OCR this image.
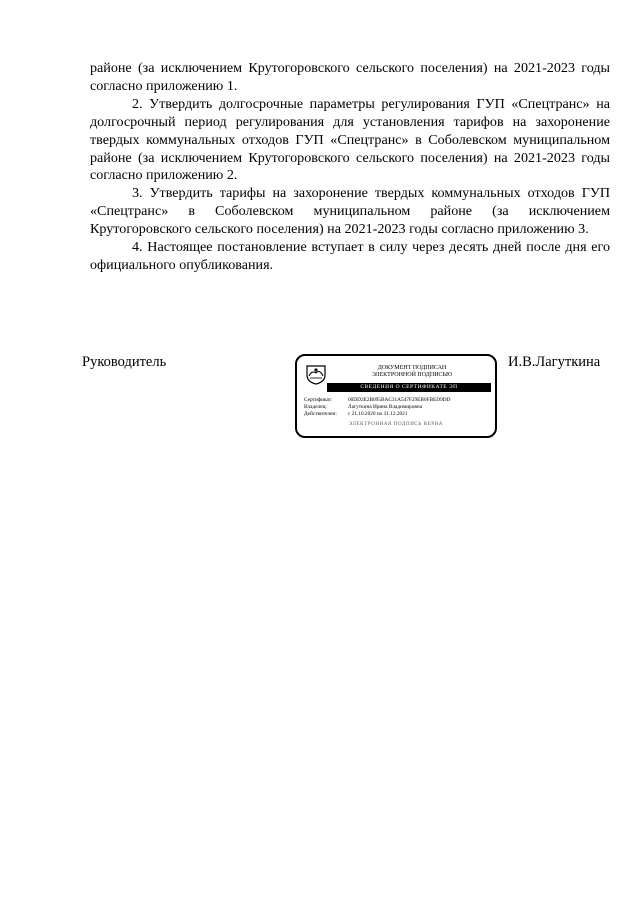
районе (за исключением Крутогоровского сельского поселения) на 2021-2023 годы согласно приложению 1.

2. Утвердить долгосрочные параметры регулирования ГУП «Спецтранс» на долгосрочный период регулирования для установления тарифов на захоронение твердых коммунальных отходов ГУП «Спецтранс» в Соболевском муниципальном районе (за исключением Крутогоровского сельского поселения) на 2021-2023 годы согласно приложению 2.

3. Утвердить тарифы на захоронение твердых коммунальных отходов ГУП «Спецтранс» в Соболевском муниципальном районе (за исключением Крутогоровского сельского поселения) на 2021-2023 годы согласно приложению 3.

4. Настоящее постановление вступает в силу через десять дней после дня его официального опубликования.

Руководитель	ДОКУМЕНТ ПОДПИСАН
ЭЛЕКТРОННОЙ ПОДПИСЬЮ
СВЕДЕНИЯ О СЕРТИФИКАТЕ ЭП
Сертификат:	00DD2E2B095BAC31A547F29EB0FBED9DD
Владелец:	Лагуткина Ирина Владимировна
Действителен:	с 21.10.2020 по 31.12.2021
ЭЛЕКТРОННАЯ ПОДПИСЬ ВЕРНА
И.В.Лагуткина
